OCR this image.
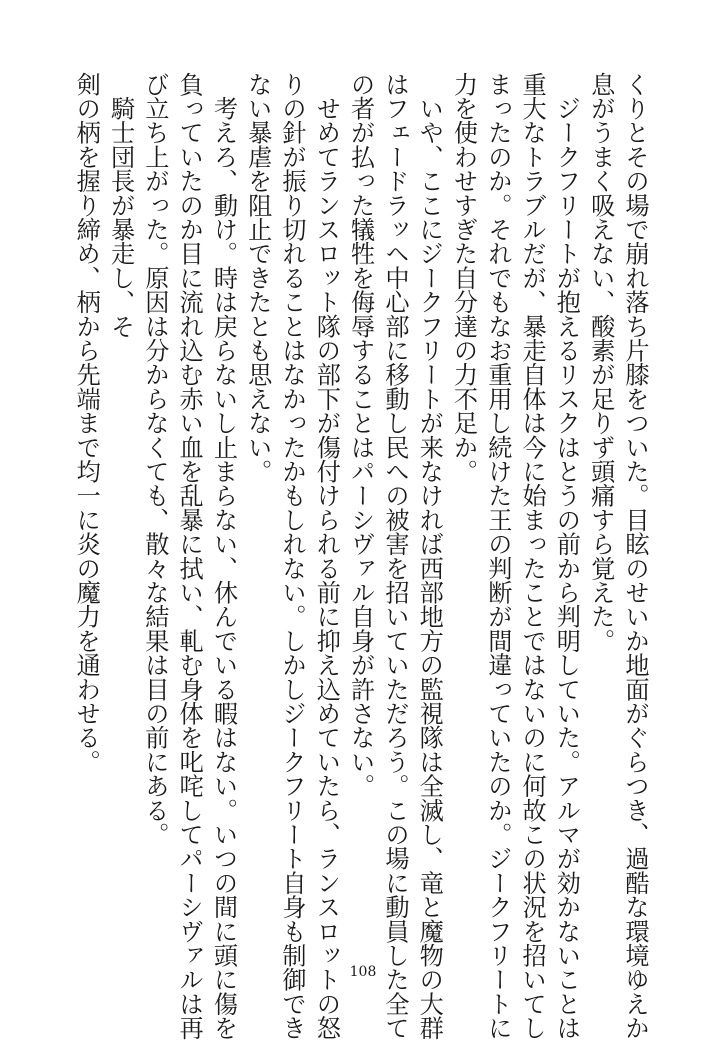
くりとその場で崩れ落ち片膝をついた。目眩のせいか地面がぐらつき、過酷な環境ゆえか

息がうまく吸えない、酸素が足りず頭痛すら覚えた。

　ジークフリートが抱えるリスクはとうの前から判明していた。アルマが効かないことは

重大なトラブルだが、暴走自体は今に始まったことではないのに何故この状況を招いてし

まったのか。それでもなお重用し続けた王の判断が間違っていたのか。ジークフリートに

力を使わせすぎた自分達の力不足か。

　いや、ここにジークフリートが来なければ西部地方の監視隊は全滅し、竜と魔物の大群

はフェードラッヘ中心部に移動し民への被害を招いていただろう。この場に動員した全て

の者が払った犠牲を侮辱することはパーシヴァル自身が許さない。

　せめてランスロット隊の部下が傷付けられる前に抑え込めていたら、ランスロットの怒

りの針が振り切れることはなかったかもしれない。しかしジークフリート自身も制御でき

ない暴虐を阻止できたとも思えない。

　考えろ、動け。時は戻らないし止まらない、休んでいる暇はない。いつの間に頭に傷を

負っていたのか目に流れ込む赤い血を乱暴に拭い、軋む身体を叱咤してパーシヴァルは再

び立ち上がった。原因は分からなくても、散々な結果は目の前にある。

　騎士団長が暴走し、そ

剣の柄を握り締め、柄から先端まで均一に炎の魔力を通わせる。

108
